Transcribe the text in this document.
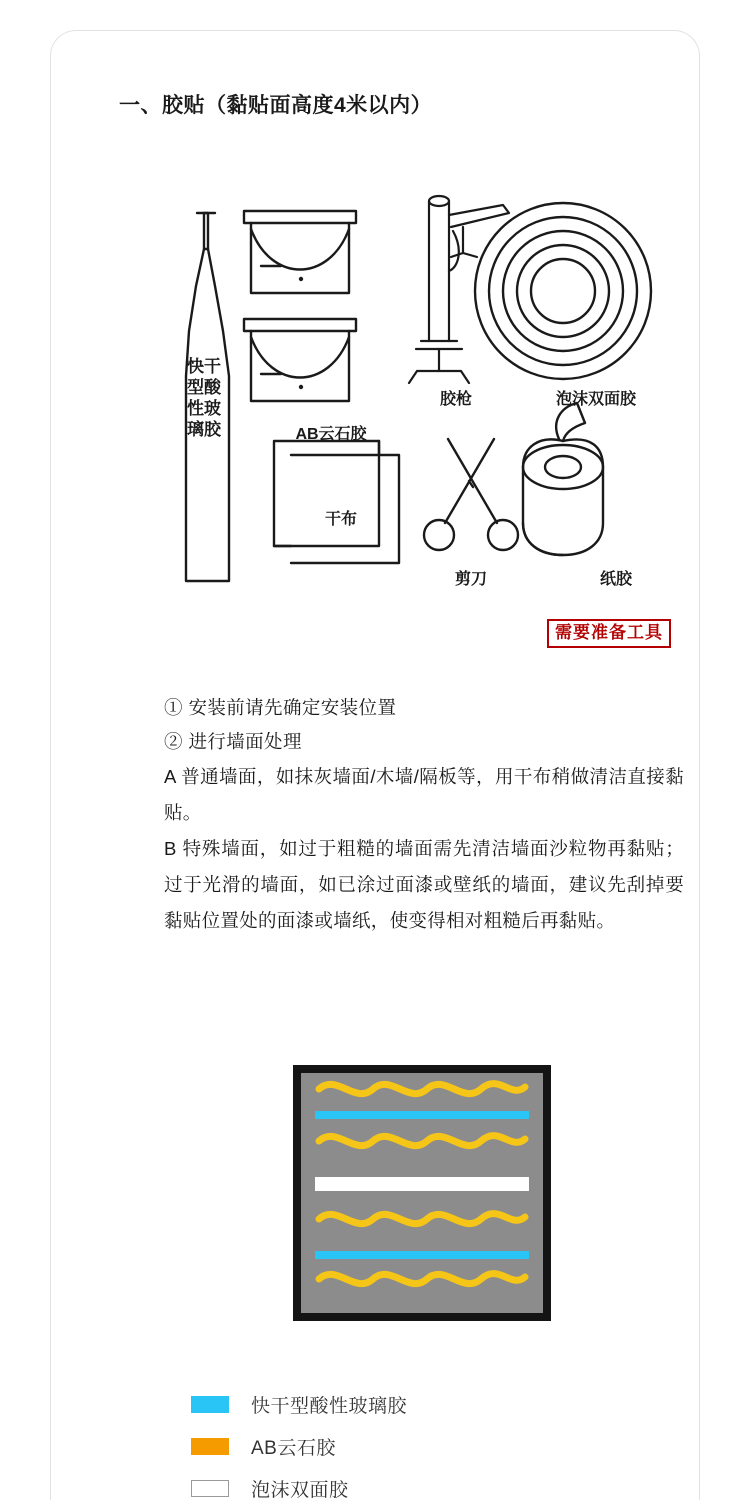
一、胶贴（黏贴面高度4米以内）
快干型酸性玻璃胶	AB云石胶
胶枪	泡沫双面胶
干布
剪刀	纸胶
需要准备工具
① 安装前请先确定安装位置
② 进行墙面处理
A 普通墙面，如抹灰墙面/木墙/隔板等，用干布稍做清洁直接黏贴。
B 特殊墙面，如过于粗糙的墙面需先清洁墙面沙粒物再黏贴；过于光滑的墙面，如已涂过面漆或壁纸的墙面，建议先刮掉要黏贴位置处的面漆或墙纸，使变得相对粗糙后再黏贴。
快干型酸性玻璃胶
AB云石胶
泡沫双面胶
